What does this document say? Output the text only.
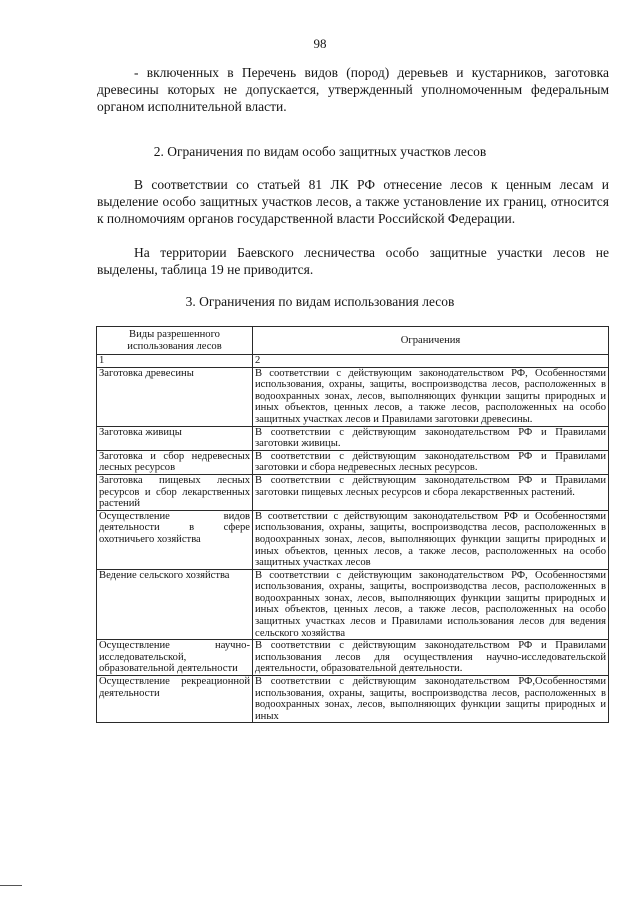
98

- включенных в Перечень видов (пород) деревьев и кустарников, заготовка древесины которых не допускается, утвержденный уполномоченным федеральным органом исполнительной власти.

2. Ограничения по видам особо защитных участков лесов

В соответствии со статьей 81 ЛК РФ отнесение лесов к ценным лесам и выделение особо защитных участков лесов, а также установление их границ, относится к полномочиям органов государственной власти Российской Федерации.

На территории Баевского лесничества особо защитные участки лесов не выделены, таблица 19 не приводится.

3. Ограничения по видам использования лесов
Виды разрешенного использования лесов	Ограничения
1	2
Заготовка древесины	В соответствии с действующим законодательством РФ, Особенностями использования, охраны, защиты, воспроизводства лесов, расположенных в водоохранных зонах, лесов, выполняющих функции защиты природных и иных объектов, ценных лесов, а также лесов, расположенных на особо защитных участках лесов и Правилами заготовки древесины.
Заготовка живицы	В соответствии с действующим законодательством РФ и Правилами заготовки живицы.
Заготовка и сбор недревесных лесных ресурсов	В соответствии с действующим законодательством РФ и Правилами заготовки и сбора недревесных лесных ресурсов.
Заготовка пищевых лесных ресурсов и сбор лекарственных растений	В соответствии с действующим законодательством РФ и Правилами заготовки пищевых лесных ресурсов и сбора лекарственных растений.
Осуществление видов деятельности в сфере охотничьего хозяйства	В соответствии с действующим законодательством РФ и Особенностями использования, охраны, защиты, воспроизводства лесов, расположенных в водоохранных зонах, лесов, выполняющих функции защиты природных и иных объектов, ценных лесов, а также лесов, расположенных на особо защитных участках лесов
Ведение сельского хозяйства	В соответствии с действующим законодательством РФ, Особенностями использования, охраны, защиты, воспроизводства лесов, расположенных в водоохранных зонах, лесов, выполняющих функции защиты природных и иных объектов, ценных лесов, а также лесов, расположенных на особо защитных участках лесов и Правилами использования лесов для ведения сельского хозяйства
Осуществление научно-исследовательской, образовательной деятельности	В соответствии с действующим законодательством РФ и Правилами использования лесов для осуществления научно-исследовательской деятельности, образовательной деятельности.
Осуществление рекреационной деятельности	В соответствии с действующим законодательством РФ,Особенностями использования, охраны, защиты, воспроизводства лесов, расположенных в водоохранных зонах, лесов, выполняющих функции защиты природных и иных
